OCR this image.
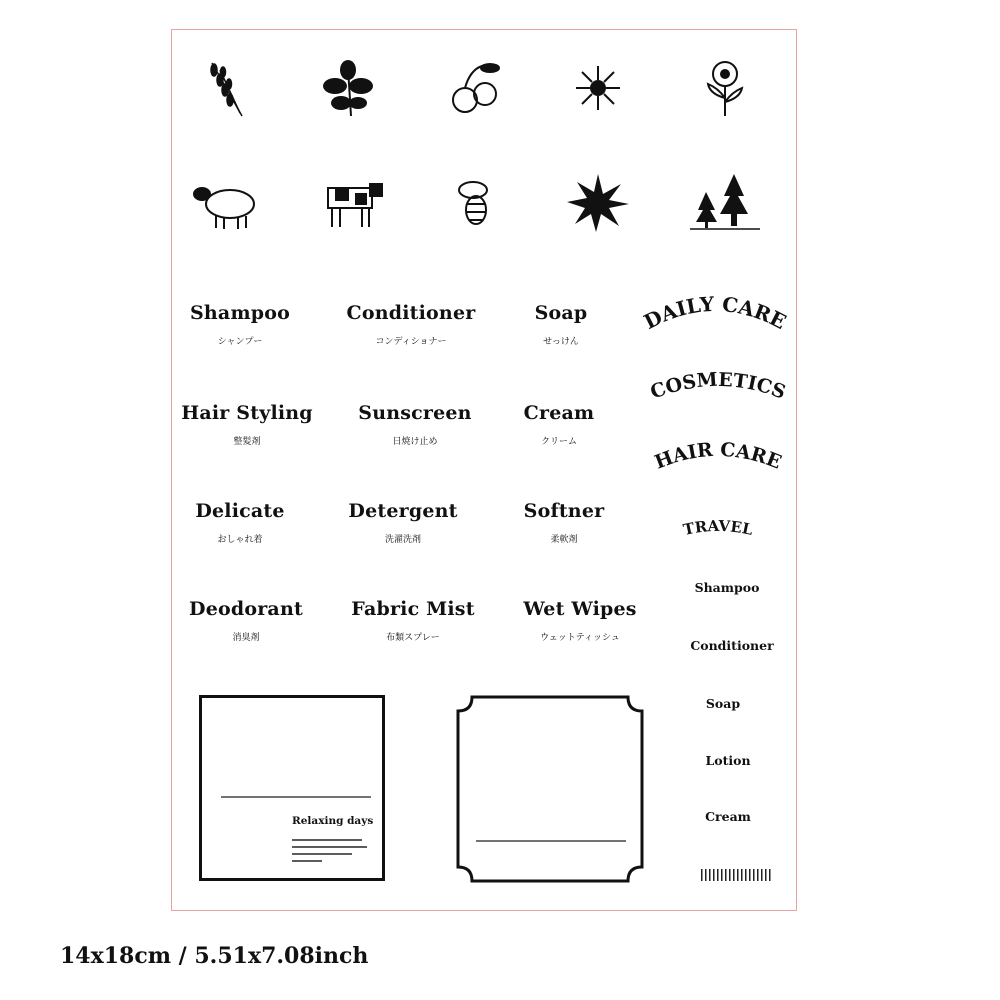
Shampoo
シャンプー
Conditioner
コンディショナー
Soap
せっけん
Hair Styling
整髪剤
Sunscreen
日焼け止め
Cream
クリーム
Delicate
おしゃれ着
Detergent
洗濯洗剤
Softner
柔軟剤
Deodorant
消臭剤
Fabric Mist
布類スプレー
Wet Wipes
ウェットティッシュ
DAILY CARE
COSMETICS
HAIR CARE
TRAVEL
Shampoo
Conditioner
Soap
Lotion
Cream
Relaxing days
14x18cm / 5.51x7.08inch
